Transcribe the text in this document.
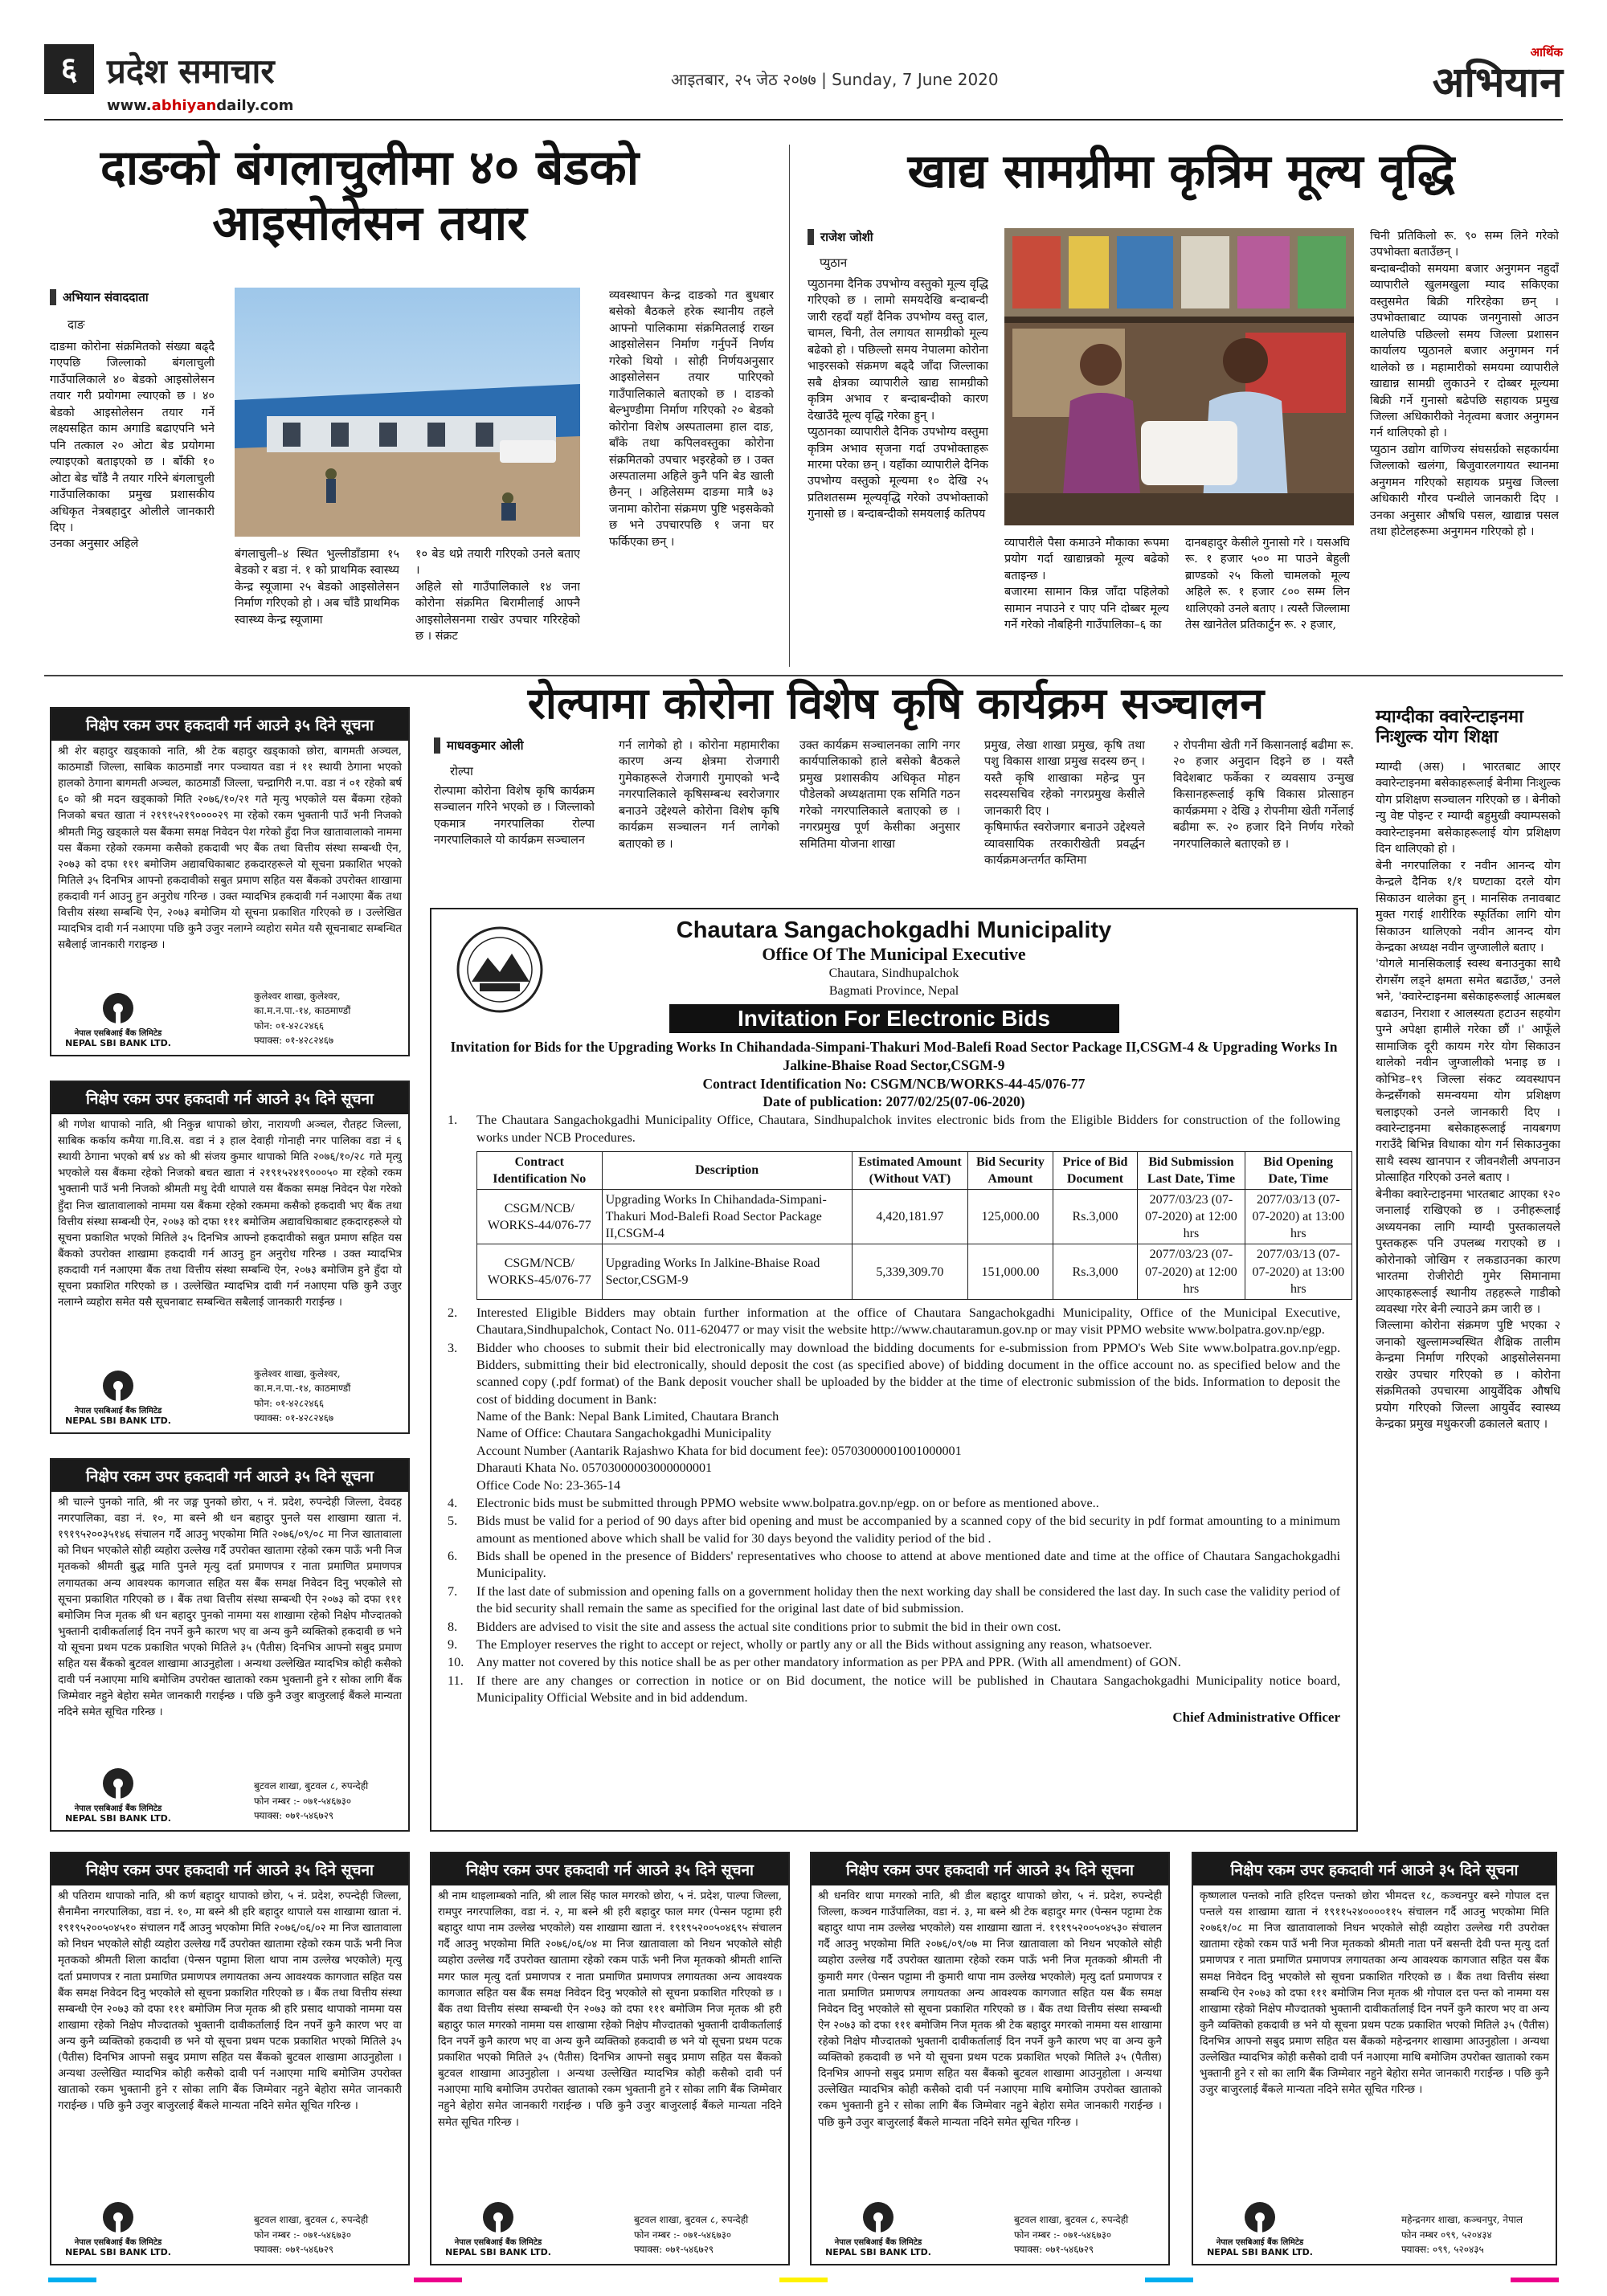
६ प्रदेश समाचार
www.abhiyandaily.com
आइतबार, २५ जेठ २०७७ | Sunday, 7 June 2020
आर्थिक
अभियान
दाङको बंगलाचुलीमा ४० बेडको आइसोलेसन तयार
अभियान संवाददाता
दाङ
दाङमा कोरोना संक्रमितको संख्या बढ्दै गएपछि जिल्लाको बंगलाचुली गाउँपालिकाले ४० बेडको आइसोलेसन तयार गरी प्रयोगमा ल्याएको छ । ४० बेडको आइसोलेसन तयार गर्ने लक्ष्यसहित काम अगाडि बढाएपनि भने पनि तत्काल २० ओटा बेड प्रयोगमा ल्याइएको बताइएको छ । बाँकी १० ओटा बेड चाँडै नै तयार गरिने बंगलाचुली गाउँपालिकाका प्रमुख प्रशासकीय अधिकृत नेत्रबहादुर ओलीले जानकारी दिए ।
उनका अनुसार अहिले
बंगलाचुली–४ स्थित भुल्लीडाँडामा १५ बेडको र बडा नं. १ को प्राथमिक स्वास्थ्य केन्द्र स्यूजामा २५ बेडको आइसोलेसन निर्माण गरिएको हो । अब चाँडै प्राथमिक स्वास्थ्य केन्द्र स्यूजामा
१० बेड थप्ने तयारी गरिएको उनले बताए ।
अहिले सो गाउँपालिकाले १४ जना कोरोना संक्रमित बिरामीलाई आफ्नै आइसोलेसनमा राखेर उपचार गरिरहेको छ । संक्रट
व्यवस्थापन केन्द्र दाङको गत बुधबार बसेको बैठकले हरेक स्थानीय तहले आफ्नो पालिकामा संक्रमितलाई राख्न आइसोलेसन निर्माण गर्नुपर्ने निर्णय गरेको थियो । सोही निर्णयअनुसार आइसोलेसन तयार पारिएको गाउँपालिकाले बताएको छ । दाङको बेल्भुण्डीमा निर्माण गरिएको २० बेडको कोरोना विशेष अस्पतालमा हाल दाङ, बाँके तथा कपिलवस्तुका कोरोना संक्रमितको उपचार भइरहेको छ । उक्त अस्पतालमा अहिले कुनै पनि बेड खाली छैनन् । अहिलेसम्म दाङमा मात्रै ७३ जनामा कोरोना संक्रमण पुष्टि भइसकेको छ भने उपचारपछि १ जना घर फर्किएका छन् ।
खाद्य सामग्रीमा कृत्रिम मूल्य वृद्धि
राजेश जोशी
प्युठान
प्युठानमा दैनिक उपभोग्य वस्तुको मूल्य वृद्धि गरिएको छ । लामो समयदेखि बन्दाबन्दी जारी रहदाँ यहाँ दैनिक उपभोग्य वस्तु दाल, चामल, चिनी, तेल लगायत सामग्रीको मूल्य बढेको हो । पछिल्लो समय नेपालमा कोरोना भाइरसको संक्रमण बढ्दै जाँदा जिल्लाका सबै क्षेत्रका व्यापारीले खाद्य सामग्रीको कृत्रिम अभाव र बन्दाबन्दीको कारण देखाउँदै मूल्य वृद्धि गरेका हुन् ।
प्युठानका व्यापारीले दैनिक उपभोग्य वस्तुमा कृत्रिम अभाव सृजना गर्दा उपभोक्ताहरू मारमा परेका छन् । यहाँका व्यापारीले दैनिक उपभोग्य वस्तुको मूल्यमा १० देखि २५ प्रतिशतसम्म मूल्यवृद्धि गरेको उपभोक्ताको गुनासो छ । बन्दाबन्दीको समयलाई कतिपय
व्यापारीले पैसा कमाउने मौकाका रूपमा प्रयोग गर्दा खाद्यान्नको मूल्य बढेको बताइन्छ ।
बजारमा सामान किन्न जाँदा पहिलेको सामान नपाउने र पाए पनि दोब्बर मूल्य गर्ने गरेको नौबहिनी गाउँपालिका–६ का
दानबहादुर केसीले गुनासो गरे । यसअघि रू. १ हजार ५०० मा पाउने बेहुली ब्राण्डको २५ किलो चामलको मूल्य अहिले रू. १ हजार ८०० सम्म लिन थालिएको उनले बताए । त्यस्तै जिल्लामा तेस खानेतेल प्रतिकार्टुन रू. २ हजार,
चिनी प्रतिकिलो रू. ९० सम्म लिने गरेको उपभोक्ता बताउँछन् ।
बन्दाबन्दीको समयमा बजार अनुगमन नहुदाँ व्यापारीले खुलमखुला म्याद सकिएका वस्तुसमेत बिक्री गरिरहेका छन् । उपभोक्ताबाट व्यापक जनगुनासो आउन थालेपछि पछिल्लो समय जिल्ला प्रशासन कार्यालय प्युठानले बजार अनुगमन गर्न थालेको छ । महामारीको समयमा व्यापारीले खाद्यान्न सामग्री लुकाउने र दोब्बर मूल्यमा बिक्री गर्ने गुनासो बढेपछि सहायक प्रमुख जिल्ला अधिकारीको नेतृत्वमा बजार अनुगमन गर्न थालिएको हो ।
प्युठान उद्योग वाणिज्य संघसर्ग्रको सहकार्यमा जिल्लाको खलंगा, बिजुवारलगायत स्थानमा अनुगमन गरिएको सहायक प्रमुख जिल्ला अधिकारी गौरव पन्थीले जानकारी दिए । उनका अनुसार औषधि पसल, खाद्यान्न पसल तथा होटेलहरूमा अनुगमन गरिएको हो ।
रोल्पामा कोरोना विशेष कृषि कार्यक्रम सञ्चालन
माधवकुमार ओली
रोल्पा
रोल्पामा कोरोना विशेष कृषि कार्यक्रम सञ्चालन गरिने भएको छ । जिल्लाको एकमात्र नगरपालिका रोल्पा नगरपालिकाले यो कार्यक्रम सञ्चालन
गर्न लागेको हो । कोरोना महामारीका कारण अन्य क्षेत्रमा रोजगारी गुमेकाहरूले रोजगारी गुमाएको भन्दै नगरपालिकाले कृषिसम्बन्ध स्वरोजगार बनाउने उद्देश्यले कोरोना विशेष कृषि कार्यक्रम सञ्चालन गर्न लागेको बताएको छ ।
उक्त कार्यक्रम सञ्चालनका लागि नगर कार्यपालिकाको हाले बसेको बैठकले प्रमुख प्रशासकीय अधिकृत मोहन पौडेलको अध्यक्षतामा एक समिति गठन गरेको नगरपालिकाले बताएको छ । नगरप्रमुख पूर्ण केसीका अनुसार समितिमा योजना शाखा
प्रमुख, लेखा शाखा प्रमुख, कृषि तथा पशु विकास शाखा प्रमुख सदस्य छन् । यस्तै कृषि शाखाका महेन्द्र पुन सदस्यसचिव रहेको नगरप्रमुख केसीले जानकारी दिए ।
कृषिमार्फत स्वरोजगार बनाउने उद्देश्यले व्यावसायिक तरकारीखेती प्रवर्द्धन कार्यक्रमअन्तर्गत कम्तिमा
२ रोपनीमा खेती गर्ने किसानलाई बढीमा रू. २० हजार अनुदान दिइने छ । यस्तै विदेशबाट फर्केका र व्यवसाय उन्मुख किसानहरूलाई कृषि विकास प्रोत्साहन कार्यक्रममा २ देखि ३ रोपनीमा खेती गर्नेलाई बढीमा रू. २० हजार दिने निर्णय गरेको नगरपालिकाले बताएको छ ।
म्याग्दीका क्वारेन्टाइनमा निःशुल्क योग शिक्षा
म्याग्दी (अस) । भारतबाट आएर क्वारेन्टाइनमा बसेकाहरूलाई बेनीमा निःशुल्क योग प्रशिक्षण सञ्चालन गरिएको छ । बेनीको न्यु वेष्ट पोइन्ट र म्याग्दी बहुमुखी क्याम्पसको क्वारेन्टाइनमा बसेकाहरूलाई योग प्रशिक्षण दिन थालिएको हो ।
बेनी नगरपालिका र नवीन आनन्द योग केन्द्रले दैनिक १/१ घण्टाका दरले योग सिकाउन थालेका हुन् । मानसिक तनावबाट मुक्त गराई शारीरिक स्फूर्तिका लागि योग सिकाउन थालिएको नवीन आनन्द योग केन्द्रका अध्यक्ष नवीन जुग्जालीले बताए ।
'योगले मानसिकलाई स्वस्थ बनाउनुका साथै रोगसँग लड्ने क्षमता समेत बढाउँछ,' उनले भने, 'क्वारेन्टाइनमा बसेकाहरूलाई आत्मबल बढाउन, निराशा र आलस्यता हटाउन सहयोग पुग्ने अपेक्षा हामीले गरेका छौं ।' आफूँले सामाजिक दूरी कायम गरेर योग सिकाउन थालेको नवीन जुग्जालीको भनाइ छ । कोभिड–१९ जिल्ला संकट व्यवस्थापन केन्द्रसँगको समन्वयमा योग प्रशिक्षण चलाइएको उनले जानकारी दिए । क्वारेन्टाइनमा बसेकाहरूलाई नायबगण गराउँदै बिभिन्न विधाका योग गर्न सिकाउनुका साथै स्वस्थ खानपान र जीवनशैली अपनाउन प्रोत्साहित गरिएको उनले बताए ।
बेनीका क्वारेन्टाइनमा भारतबाट आएका १२० जनालाई राखिएको छ । उनीहरूलाई अध्ययनका लागि म्याग्दी पुस्तकालयले पुस्तकहरू पनि उपलब्ध गराएको छ । कोरोनाको जोखिम र लकडाउनका कारण भारतमा रोजीरोटी गुमेर सिमानामा आएकाहरूलाई स्थानीय तहहरूले गाडीको व्यवस्था गरेर बेनी ल्याउने क्रम जारी छ ।
जिल्लामा कोरोना संक्रमण पुष्टि भएका २ जनाको खुल्लामञ्चस्थित शैक्षिक तालीम केन्द्रमा निर्माण गरिएको आइसोलेसनमा राखेर उपचार गरिएको छ । कोरोना संक्रमितको उपचारमा आयुर्वेदिक औषधि प्रयोग गरिएको जिल्ला आयुर्वेद स्वास्थ्य केन्द्रका प्रमुख मधुकरजी ढकालले बताए ।
Chautara Sangachokgadhi Municipality
Office Of The Municipal Executive
Chautara, Sindhupalchok
Bagmati Province, Nepal
Invitation For Electronic Bids
Invitation for Bids for the Upgrading Works In Chihandada-Simpani-Thakuri Mod-Balefi Road Sector Package II,CSGM-4 & Upgrading Works In Jalkine-Bhaise Road Sector,CSGM-9
Contract Identification No: CSGM/NCB/WORKS-44-45/076-77
Date of publication: 2077/02/25(07-06-2020)
1. The Chautara Sangachokgadhi Municipality Office, Chautara, Sindhupalchok invites electronic bids from the Eligible Bidders for construction of the following works under NCB Procedures.
Contract Identification No	Description	Estimated Amount (Without VAT)	Bid Security Amount	Price of Bid Document	Bid Submission Last Date, Time	Bid Opening Date, Time
CSGM/NCB/ WORKS-44/076-77	Upgrading Works In Chihandada-Simpani-Thakuri Mod-Balefi Road Sector Package II,CSGM-4	4,420,181.97	125,000.00	Rs.3,000	2077/03/23 (07-07-2020) at 12:00 hrs	2077/03/13 (07-07-2020) at 13:00 hrs
CSGM/NCB/ WORKS-45/076-77	Upgrading Works In Jalkine-Bhaise Road Sector,CSGM-9	5,339,309.70	151,000.00	Rs.3,000	2077/03/23 (07-07-2020) at 12:00 hrs	2077/03/13 (07-07-2020) at 13:00 hrs
2. Interested Eligible Bidders may obtain further information at the office of Chautara Sangachokgadhi Municipality, Office of the Municipal Executive, Chautara,Sindhupalchok, Contact No. 011-620477 or may visit the website http://www.chautaramun.gov.np or may visit PPMO website www.bolpatra.gov.np/egp.
3. Bidder who chooses to submit their bid electronically may download the bidding documents for e-submission from PPMO's Web Site www.bolpatra.gov.np/egp. Bidders, submitting their bid electronically, should deposit the cost (as specified above) of bidding document in the office account no. as specified below and the scanned copy (.pdf format) of the Bank deposit voucher shall be uploaded by the bidder at the time of electronic submission of the bids. Information to deposit the cost of bidding document in Bank:
Name of the Bank: Nepal Bank Limited, Chautara Branch
Name of Office: Chautara Sangachokgadhi Municipality
Account Number (Aantarik Rajashwo Khata for bid document fee): 05703000001001000001
Dharauti Khata No. 05703000003000000001
Office Code No: 23-365-14
4. Electronic bids must be submitted through PPMO website www.bolpatra.gov.np/egp. on or before as mentioned above..
5. Bids must be valid for a period of 90 days after bid opening and must be accompanied by a scanned copy of the bid security in pdf format amounting to a minimum amount as mentioned above which shall be valid for 30 days beyond the validity period of the bid .
6. Bids shall be opened in the presence of Bidders' representatives who choose to attend at above mentioned date and time at the office of Chautara Sangachokgadhi Municipality.
7. If the last date of submission and opening falls on a government holiday then the next working day shall be considered the last day. In such case the validity period of the bid security shall remain the same as specified for the original last date of bid submission.
8. Bidders are advised to visit the site and assess the actual site conditions prior to submit the bid in their own cost.
9. The Employer reserves the right to accept or reject, wholly or partly any or all the Bids without assigning any reason, whatsoever.
10. Any matter not covered by this notice shall be as per other mandatory information as per PPA and PPR. (With all amendment) of GON.
11. If there are any changes or correction in notice or on Bid document, the notice will be published in Chautara Sangachokgadhi Municipality notice board, Municipality Official Website and in bid addendum.
Chief Administrative Officer
निक्षेप रकम उपर हकदावी गर्न आउने ३५ दिने सूचना
श्री शेर बहादुर खड्काको नाति, श्री टेक बहादुर खड्काको छोरा, बागमती अञ्चल, काठमाडौं जिल्ला, साबिक काठमाडौं नगर पञ्चायत वडा नं ११ स्थायी ठेगाना भएको हालको ठेगाना बागमती अञ्चल, काठमाडौं जिल्ला, चन्द्रागिरी न.पा. वडा नं ०१ रहेको बर्ष ६० को श्री मदन खड्काको मिति २०७६/१०/२१ गते मृत्यु भएकोले यस बैंकमा रहेको निजको बचत खाता नं २१९१५२१९००००२९ मा रहेको रकम भुक्तानी पाउँ भनी निजको श्रीमती मिठु खड्काले यस बैंकमा समक्ष निवेदन पेश गरेको हुँदा निज खातावालाको नाममा यस बैंकमा रहेको रकममा कसैको हकदावी भए बैंक तथा वित्तीय संस्था सम्बन्धी ऐन, २०७३ को दफा १११ बमोजिम अद्यावधिकाबाट हकदारहरूले यो सूचना प्रकाशित भएको मितिले ३५ दिनभित्र आफ्नो हकदावीको सबुत प्रमाण सहित यस बैंकको उपरोक्त शाखामा हकदावी गर्न आउनु हुन अनुरोध गरिन्छ । उक्त म्यादभित्र हकदावी गर्न नआएमा बैंक तथा वित्तीय संस्था सम्बन्धि ऐन, २०७३ बमोजिम यो सूचना प्रकाशित गरिएको छ । उल्लेखित म्यादभित्र दावी गर्न नआएमा पछि कुनै उजुर नलाग्ने व्यहोरा समेत यसै सूचनाबाट सम्बन्धित सबैलाई जानकारी गराइन्छ ।
नेपाल एसबिआई बैंक लिमिटेड
NEPAL SBI BANK LTD.
कुलेश्वर शाखा, कुलेश्वर,
का.म.न.पा.-१४, काठमाण्डौं
फोन: ०१-४२८२४६६
फ्याक्स: ०१-४२८२४६७
निक्षेप रकम उपर हकदावी गर्न आउने ३५ दिने सूचना
श्री गणेश थापाको नाति, श्री निकुन्न थापाको छोरा, नारायणी अञ्चल, रौतहट जिल्ला, साबिक कर्काय कमैया गा.वि.स. वडा नं ३ हाल देवाही गोनाही नगर पालिका वडा नं ६ स्थायी ठेगाना भएको बर्ष ४४ को श्री संजय कुमार थापाको मिति २०७६/१०/२८ गते मृत्यु भएकोले यस बैंकमा रहेको निजको बचत खाता नं २१९१५२४१९०००५० मा रहेको रकम भुक्तानी पाउँ भनी निजको श्रीमती मधु देवी थापाले यस बैंकका समक्ष निवेदन पेश गरेको हुँदा निज खातावालाको नाममा यस बैंकमा रहेको रकममा कसैको हकदावी भए बैंक तथा वित्तीय संस्था सम्बन्धी ऐन, २०७३ को दफा १११ बमोजिम अद्यावधिकाबाट हकदारहरूले यो सूचना प्रकाशित भएको मितिले ३५ दिनभित्र आफ्नो हकदावीको सबुत प्रमाण सहित यस बैंकको उपरोक्त शाखामा हकदावी गर्न आउनु हुन अनुरोध गरिन्छ । उक्त म्यादभित्र हकदावी गर्न नआएमा बैंक तथा वित्तीय संस्था सम्बन्धि ऐन, २०७३ बमोजिम हुने हुँदा यो सूचना प्रकाशित गरिएको छ । उल्लेखित म्यादभित्र दावी गर्न नआएमा पछि कुनै उजुर नलाग्ने व्यहोरा समेत यसै सूचनाबाट सम्बन्धित सबैलाई जानकारी गराईन्छ ।
नेपाल एसबिआई बैंक लिमिटेड
NEPAL SBI BANK LTD.
कुलेश्वर शाखा, कुलेश्वर,
का.म.न.पा.-१४, काठमाण्डौं
फोन: ०१-४२८२४६६
फ्याक्स: ०१-४२८२४६७
निक्षेप रकम उपर हकदावी गर्न आउने ३५ दिने सूचना
श्री चाल्ने पुनको नाति, श्री नर जङ्ग पुनको छोरा, ५ नं. प्रदेश, रुपन्देही जिल्ला, देवदह नगरपालिका, वडा नं. १०, मा बस्ने श्री धन बहादुर पुनले यस शाखामा खाता नं. १९१९५२००३५१४६ संचालन गर्दै आउनु भएकोमा मिति २०७६/०९/०८ मा निज खातावाला को निधन भएकोले सोही व्यहोरा उल्लेख गर्दै उपरोक्त खातामा रहेको रकम पाऊँ भनी निज मृतकको श्रीमती बुद्ध माति पुनले मृत्यु दर्ता प्रमाणपत्र र नाता प्रमाणित प्रमाणपत्र लगायतका अन्य आवश्यक कागजात सहित यस बैंक समक्ष निवेदन दिनु भएकोले सो सूचना प्रकाशित गरिएको छ । बैंक तथा वित्तीय संस्था सम्बन्धी ऐन २०७३ को दफा १११ बमोजिम निज मृतक श्री धन बहादुर पुनको नाममा यस शाखामा रहेको निक्षेप मौज्दातको भुक्तानी दावीकर्तालाई दिन नपर्ने कुनै कारण भए वा अन्य कुनै व्यक्तिको हकदावी छ भने यो सूचना प्रथम पटक प्रकाशित भएको मितिले ३५ (पैतीस) दिनभित्र आफ्नो सबुद प्रमाण सहित यस बैंकको बुटवल शाखामा आउनुहोला । अन्यथा उल्लेखित म्यादभित्र कोही कसैको दावी पर्न नआएमा माथि बमोजिम उपरोक्त खाताको रकम भुक्तानी हुने र सोका लागि बैंक जिम्मेवार नहुने बेहोरा समेत जानकारी गराईन्छ । पछि कुनै उजुर बाजुरलाई बैंकले मान्यता नदिने समेत सूचित गरिन्छ ।
नेपाल एसबिआई बैंक लिमिटेड
NEPAL SBI BANK LTD.
बुटवल शाखा, बुटवल ८, रुपन्देही
फोन नम्बर :- ०७१-५४६७३०
फ्याक्स: ०७१-५४६७२९
निक्षेप रकम उपर हकदावी गर्न आउने ३५ दिने सूचना
श्री पतिराम थापाको नाति, श्री कर्ण बहादुर थापाको छोरा, ५ नं. प्रदेश, रुपन्देही जिल्ला, सैनामैना नगरपालिका, वडा नं. १०, मा बस्ने श्री हरि बहादुर थापाले यस शाखामा खाता नं. १९१९५२००५०४५१० संचालन गर्दै आउनु भएकोमा मिति २०७६/०६/०२ मा निज खातावाला को निधन भएकोले सोही व्यहोरा उल्लेख गर्दै उपरोक्त खातामा रहेको रकम पाऊँ भनी निज मृतकको श्रीमती शिला कार्दावा (पेन्सन पट्टामा शिला थापा नाम उल्लेख भएकोले) मृत्यु दर्ता प्रमाणपत्र र नाता प्रमाणित प्रमाणपत्र लगायतका अन्य आवश्यक कागजात सहित यस बैंक समक्ष निवेदन दिनु भएकोले सो सूचना प्रकाशित गरिएको छ । बैंक तथा वित्तीय संस्था सम्बन्धी ऐन २०७३ को दफा १११ बमोजिम निज मृतक श्री हरि प्रसाद थापाको नाममा यस शाखामा रहेको निक्षेप मौज्दातको भुक्तानी दावीकर्तालाई दिन नपर्ने कुनै कारण भए वा अन्य कुनै व्यक्तिको हकदावी छ भने यो सूचना प्रथम पटक प्रकाशित भएको मितिले ३५ (पैतीस) दिनभित्र आफ्नो सबुद प्रमाण सहित यस बैंकको बुटवल शाखामा आउनुहोला । अन्यथा उल्लेखित म्यादभित्र कोही कसैको दावी पर्न नआएमा माथि बमोजिम उपरोक्त खाताको रकम भुक्तानी हुने र सोका लागि बैंक जिम्मेवार नहुने बेहोरा समेत जानकारी गराईन्छ । पछि कुनै उजुर बाजुरलाई बैंकले मान्यता नदिने समेत सूचित गरिन्छ ।
नेपाल एसबिआई बैंक लिमिटेड
NEPAL SBI BANK LTD.
बुटवल शाखा, बुटवल ८, रुपन्देही
फोन नम्बर :- ०७१-५४६७३०
फ्याक्स: ०७१-५४६७२९
निक्षेप रकम उपर हकदावी गर्न आउने ३५ दिने सूचना
श्री नाम थाइलाम्बको नाति, श्री लाल सिंह फाल मगरको छोरा, ५ नं. प्रदेश, पाल्पा जिल्ला, रामपुर नगरपालिका, वडा नं. २, मा बस्ने श्री हरी बहादुर फाल मगर (पेन्सन पट्टामा हरी बहादुर थापा नाम उल्लेख भएकोले) यस शाखामा खाता नं. १९१९५२००५०४६९५ संचालन गर्दै आउनु भएकोमा मिति २०७६/०६/०४ मा निज खातावाला को निधन भएकोले सोही व्यहोरा उल्लेख गर्दै उपरोक्त खातामा रहेको रकम पाऊँ भनी निज मृतकको श्रीमती शान्ति मगर फाल मृत्यु दर्ता प्रमाणपत्र र नाता प्रमाणित प्रमाणपत्र लगायतका अन्य आवश्यक कागजात सहित यस बैंक समक्ष निवेदन दिनु भएकोले सो सूचना प्रकाशित गरिएको छ । बैंक तथा वित्तीय संस्था सम्बन्धी ऐन २०७३ को दफा १११ बमोजिम निज मृतक श्री हरी बहादुर फाल मगरको नाममा यस शाखामा रहेको निक्षेप मौज्दातको भुक्तानी दावीकर्तालाई दिन नपर्ने कुनै कारण भए वा अन्य कुनै व्यक्तिको हकदावी छ भने यो सूचना प्रथम पटक प्रकाशित भएको मितिले ३५ (पैतीस) दिनभित्र आफ्नो सबुद प्रमाण सहित यस बैंकको बुटवल शाखामा आउनुहोला । अन्यथा उल्लेखित म्यादभित्र कोही कसैको दावी पर्न नआएमा माथि बमोजिम उपरोक्त खाताको रकम भुक्तानी हुने र सोका लागि बैंक जिम्मेवार नहुने बेहोरा समेत जानकारी गराईन्छ । पछि कुनै उजुर बाजुरलाई बैंकले मान्यता नदिने समेत सूचित गरिन्छ ।
नेपाल एसबिआई बैंक लिमिटेड
NEPAL SBI BANK LTD.
बुटवल शाखा, बुटवल ८, रुपन्देही
फोन नम्बर :- ०७१-५४६७३०
फ्याक्स: ०७१-५४६७२९
निक्षेप रकम उपर हकदावी गर्न आउने ३५ दिने सूचना
श्री धनविर थापा मगरको नाति, श्री डील बहादुर थापाको छोरा, ५ नं. प्रदेश, रुपन्देही जिल्ला, कञ्चन गाउँपालिका, वडा नं. ३, मा बस्ने श्री टेक बहादुर मगर (पेन्सन पट्टामा टेक बहादुर थापा नाम उल्लेख भएकोले) यस शाखामा खाता नं. १९१९५२००५०४५३० संचालन गर्दै आउनु भएकोमा मिति २०७६/०९/०७ मा निज खातावाला को निधन भएकोले सोही व्यहोरा उल्लेख गर्दै उपरोक्त खातामा रहेको रकम पाऊँ भनी निज मृतकको श्रीमती नी कुमारी मगर (पेन्सन पट्टामा नी कुमारी थापा नाम उल्लेख भएकोले) मृत्यु दर्ता प्रमाणपत्र र नाता प्रमाणित प्रमाणपत्र लगायतका अन्य आवश्यक कागजात सहित यस बैंक समक्ष निवेदन दिनु भएकोले सो सूचना प्रकाशित गरिएको छ । बैंक तथा वित्तीय संस्था सम्बन्धी ऐन २०७३ को दफा १११ बमोजिम निज मृतक श्री टेक बहादुर मगरको नाममा यस शाखामा रहेको निक्षेप मौज्दातको भुक्तानी दावीकर्तालाई दिन नपर्ने कुनै कारण भए वा अन्य कुनै व्यक्तिको हकदावी छ भने यो सूचना प्रथम पटक प्रकाशित भएको मितिले ३५ (पैतीस) दिनभित्र आफ्नो सबुद प्रमाण सहित यस बैंकको बुटवल शाखामा आउनुहोला । अन्यथा उल्लेखित म्यादभित्र कोही कसैको दावी पर्न नआएमा माथि बमोजिम उपरोक्त खाताको रकम भुक्तानी हुने र सोका लागि बैंक जिम्मेवार नहुने बेहोरा समेत जानकारी गराईन्छ । पछि कुनै उजुर बाजुरलाई बैंकले मान्यता नदिने समेत सूचित गरिन्छ ।
नेपाल एसबिआई बैंक लिमिटेड
NEPAL SBI BANK LTD.
बुटवल शाखा, बुटवल ८, रुपन्देही
फोन नम्बर :- ०७१-५४६७३०
फ्याक्स: ०७१-५४६७२९
निक्षेप रकम उपर हकदावी गर्न आउने ३५ दिने सूचना
कृष्णलाल पन्तको नाति हरिदत्त पन्तको छोरा भीमदत्त १८, कञ्चनपुर बस्ने गोपाल दत्त पन्तले यस शाखामा खाता नं १९११५२४००००११५ संचालन गर्दै आउनु भएकोमा मिति २०७६१/०८ मा निज खातावालाको निधन भएकोले सोही व्यहोरा उल्लेख गरी उपरोक्त खातामा रहेको रकम पाउँ भनी निज मृतकको श्रीमती नाता पर्ने बसन्ती देवी पन्त मृत्यु दर्ता प्रमाणपत्र र नाता प्रमाणित प्रमाणपत्र लगायतका अन्य आवश्यक कागजात सहित यस बैंक समक्ष निवेदन दिनु भएकोले सो सूचना प्रकाशित गरिएको छ । बैंक तथा वित्तीय संस्था सम्बन्धि ऐन २०७३ को दफा १११ बमोजिम निज मृतक श्री गोपाल दत्त पन्त को नाममा यस शाखामा रहेको निक्षेप मौज्दातको भुक्तानी दावीकर्तालाई दिन नपर्ने कुनै कारण भए वा अन्य कुनै व्यक्तिको हकदावी छ भने यो सूचना प्रथम पटक प्रकाशित भएको मितिले ३५ (पैतीस) दिनभित्र आफ्नो सबुद प्रमाण सहित यस बैंकको महेन्द्रनगर शाखामा आउनुहोला । अन्यथा उल्लेखित म्यादभित्र कोही कसैको दावी पर्न नआएमा माथि बमोजिम उपरोक्त खाताको रकम भुक्तानी हुने र सो का लागि बैंक जिम्मेवार नहुने बेहोरा समेत जानकारी गराईन्छ । पछि कुनै उजुर बाजुरलाई बैंकले मान्यता नदिने समेत सूचित गरिन्छ ।
नेपाल एसबिआई बैंक लिमिटेड
NEPAL SBI BANK LTD.
महेन्द्रनगर शाखा, कञ्चनपुर, नेपाल
फोन नम्बर ०९९, ५२०४३४
फ्याक्स: ०९९, ५२०४३५
